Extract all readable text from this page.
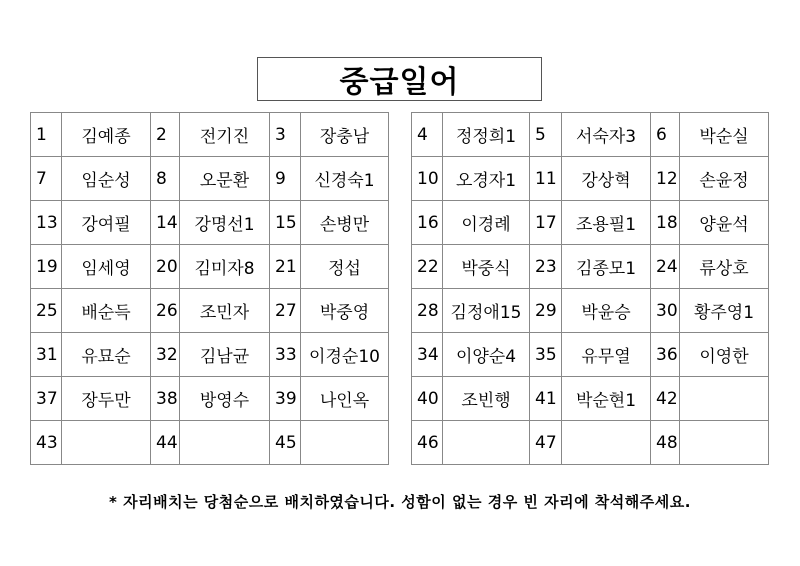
중급일어
1	김예종	2	전기진	3	장충남
7	임순성	8	오문환	9	신경숙1
13	강여필	14	강명선1	15	손병만
19	임세영	20	김미자8	21	정섭
25	배순득	26	조민자	27	박중영
31	유묘순	32	김남균	33	이경순10
37	장두만	38	방영수	39	나인옥
43		44		45	
4	정정희1	5	서숙자3	6	박순실
10	오경자1	11	강상혁	12	손윤정
16	이경례	17	조용필1	18	양윤석
22	박중식	23	김종모1	24	류상호
28	김정애15	29	박윤승	30	황주영1
34	이양순4	35	유무열	36	이영한
40	조빈행	41	박순현1	42	
46		47		48	
* 자리배치는 당첨순으로 배치하였습니다. 성함이 없는 경우 빈 자리에 착석해주세요.
